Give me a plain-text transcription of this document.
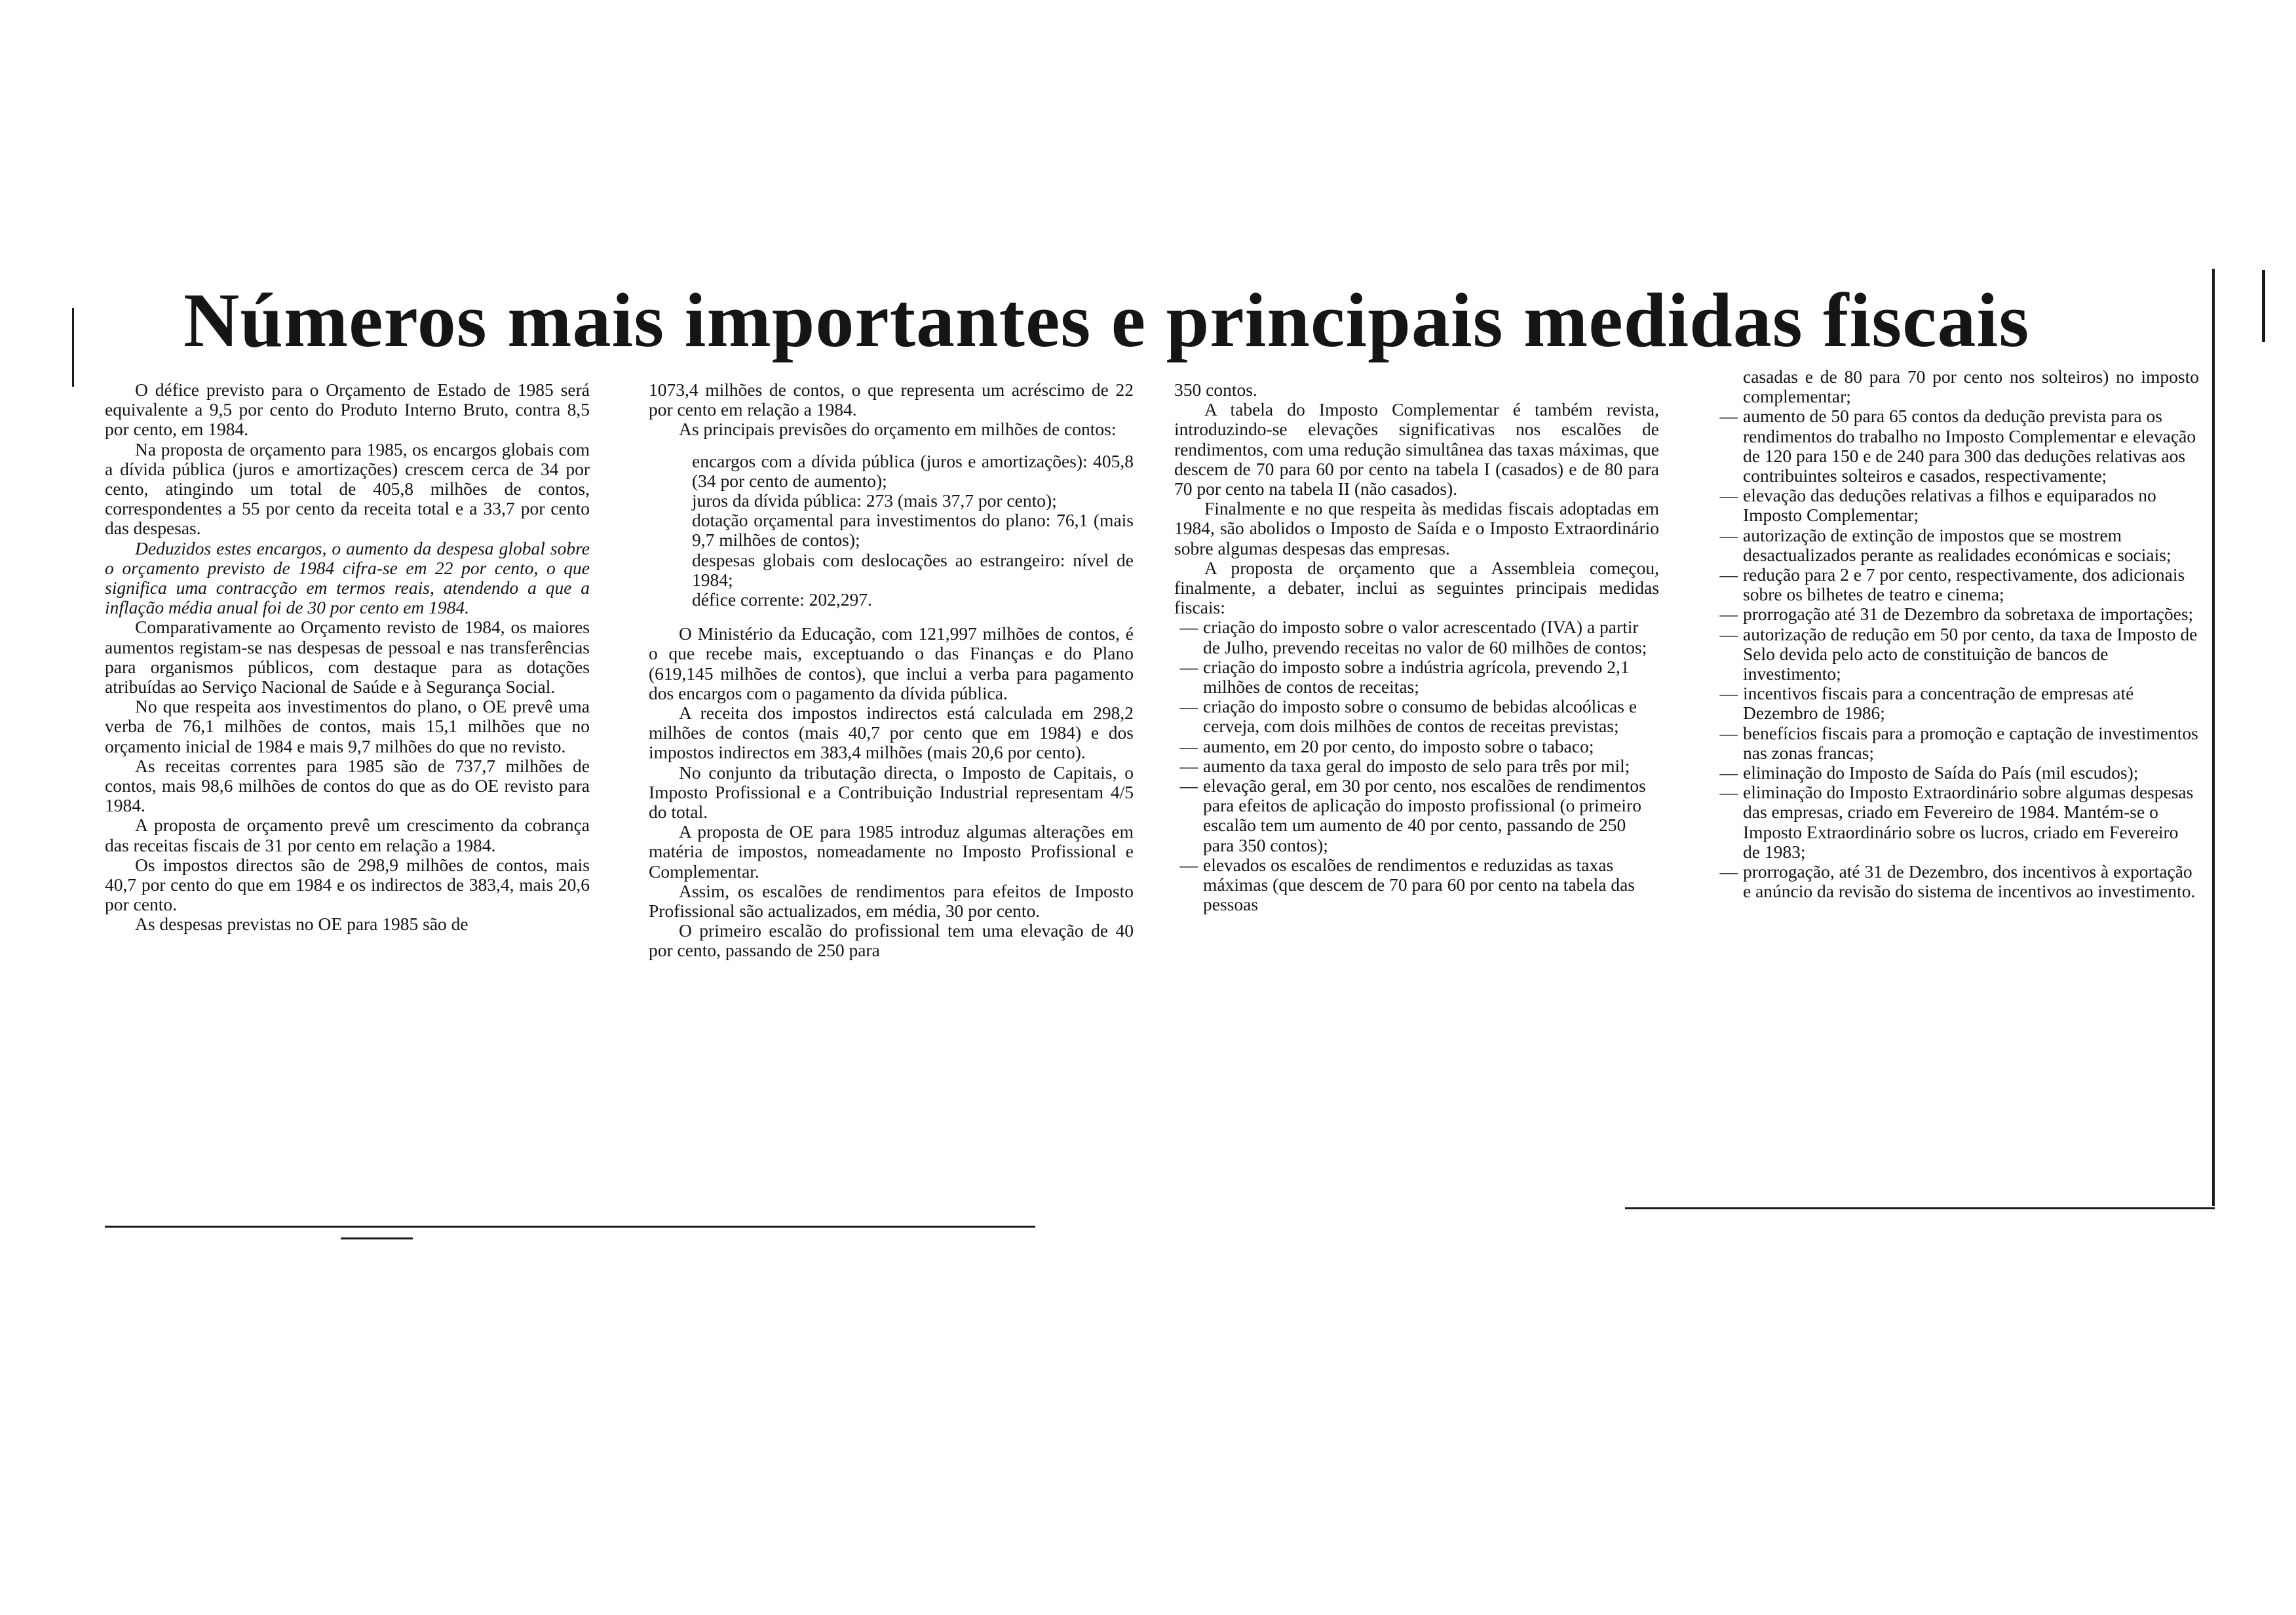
Números mais importantes e principais medidas fiscais

O défice previsto para o Orçamento de Estado de 1985 será equivalente a 9,5 por cento do Produto Interno Bruto, contra 8,5 por cento, em 1984.

Na proposta de orçamento para 1985, os encargos globais com a dívida pública (juros e amortizações) crescem cerca de 34 por cento, atingindo um total de 405,8 milhões de contos, correspondentes a 55 por cento da receita total e a 33,7 por cento das despesas.

Deduzidos estes encargos, o aumento da despesa global sobre o orçamento previsto de 1984 cifra-se em 22 por cento, o que significa uma contracção em termos reais, atendendo a que a inflação média anual foi de 30 por cento em 1984.

Comparativamente ao Orçamento revisto de 1984, os maiores aumentos registam-se nas despesas de pessoal e nas transferências para organismos públicos, com destaque para as dotações atribuídas ao Serviço Nacional de Saúde e à Segurança Social.

No que respeita aos investimentos do plano, o OE prevê uma verba de 76,1 milhões de contos, mais 15,1 milhões que no orçamento inicial de 1984 e mais 9,7 milhões do que no revisto.

As receitas correntes para 1985 são de 737,7 milhões de contos, mais 98,6 milhões de contos do que as do OE revisto para 1984.

A proposta de orçamento prevê um crescimento da cobrança das receitas fiscais de 31 por cento em relação a 1984.

Os impostos directos são de 298,9 milhões de contos, mais 40,7 por cento do que em 1984 e os indirectos de 383,4, mais 20,6 por cento.

As despesas previstas no OE para 1985 são de

1073,4 milhões de contos, o que representa um acréscimo de 22 por cento em relação a 1984.

As principais previsões do orçamento em milhões de contos:

encargos com a dívida pública (juros e amortizações): 405,8 (34 por cento de aumento);

juros da dívida pública: 273 (mais 37,7 por cento);

dotação orçamental para investimentos do plano: 76,1 (mais 9,7 milhões de contos);

despesas globais com deslocações ao estrangeiro: nível de 1984;

défice corrente: 202,297.

O Ministério da Educação, com 121,997 milhões de contos, é o que recebe mais, exceptuando o das Finanças e do Plano (619,145 milhões de contos), que inclui a verba para pagamento dos encargos com o pagamento da dívida pública.

A receita dos impostos indirectos está calculada em 298,2 milhões de contos (mais 40,7 por cento que em 1984) e dos impostos indirectos em 383,4 milhões (mais 20,6 por cento).

No conjunto da tributação directa, o Imposto de Capitais, o Imposto Profissional e a Contribuição Industrial representam 4/5 do total.

A proposta de OE para 1985 introduz algumas alterações em matéria de impostos, nomeadamente no Imposto Profissional e Complementar.

Assim, os escalões de rendimentos para efeitos de Imposto Profissional são actualizados, em média, 30 por cento.

O primeiro escalão do profissional tem uma elevação de 40 por cento, passando de 250 para

350 contos.

A tabela do Imposto Complementar é também revista, introduzindo-se elevações significativas nos escalões de rendimentos, com uma redução simultânea das taxas máximas, que descem de 70 para 60 por cento na tabela I (casados) e de 80 para 70 por cento na tabela II (não casados).

Finalmente e no que respeita às medidas fiscais adoptadas em 1984, são abolidos o Imposto de Saída e o Imposto Extraordinário sobre algumas despesas das empresas.

A proposta de orçamento que a Assembleia começou, finalmente, a debater, inclui as seguintes principais medidas fiscais:

— criação do imposto sobre o valor acrescentado (IVA) a partir de Julho, prevendo receitas no valor de 60 milhões de contos;
— criação do imposto sobre a indústria agrícola, prevendo 2,1 milhões de contos de receitas;
— criação do imposto sobre o consumo de bebidas alcoólicas e cerveja, com dois milhões de contos de receitas previstas;
— aumento, em 20 por cento, do imposto sobre o tabaco;
— aumento da taxa geral do imposto de selo para três por mil;
— elevação geral, em 30 por cento, nos escalões de rendimentos para efeitos de aplicação do imposto profissional (o primeiro escalão tem um aumento de 40 por cento, passando de 250 para 350 contos);
— elevados os escalões de rendimentos e reduzidas as taxas máximas (que descem de 70 para 60 por cento na tabela das pessoas

casadas e de 80 para 70 por cento nos solteiros) no imposto complementar;

— aumento de 50 para 65 contos da dedução prevista para os rendimentos do trabalho no Imposto Complementar e elevação de 120 para 150 e de 240 para 300 das deduções relativas aos contribuintes solteiros e casados, respectivamente;
— elevação das deduções relativas a filhos e equiparados no Imposto Complementar;
— autorização de extinção de impostos que se mostrem desactualizados perante as realidades económicas e sociais;
— redução para 2 e 7 por cento, respectivamente, dos adicionais sobre os bilhetes de teatro e cinema;
— prorrogação até 31 de Dezembro da sobretaxa de importações;
— autorização de redução em 50 por cento, da taxa de Imposto de Selo devida pelo acto de constituição de bancos de investimento;
— incentivos fiscais para a concentração de empresas até Dezembro de 1986;
— benefícios fiscais para a promoção e captação de investimentos nas zonas francas;
— eliminação do Imposto de Saída do País (mil escudos);
— eliminação do Imposto Extraordinário sobre algumas despesas das empresas, criado em Fevereiro de 1984. Mantém-se o Imposto Extraordinário sobre os lucros, criado em Fevereiro de 1983;
— prorrogação, até 31 de Dezembro, dos incentivos à exportação e anúncio da revisão do sistema de incentivos ao investimento.
